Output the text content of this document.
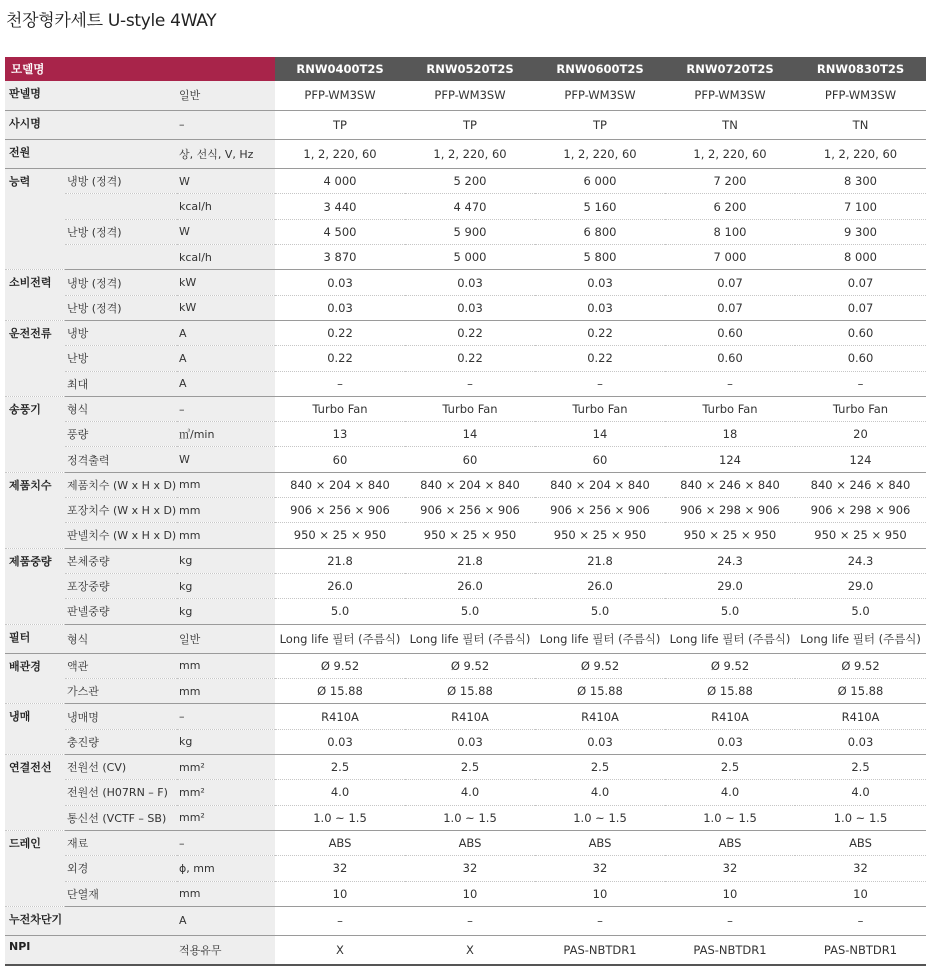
천장형카세트 U-style 4WAY
모델명			RNW0400T2S	RNW0520T2S	RNW0600T2S	RNW0720T2S	RNW0830T2S
판넬명		일반	PFP-WM3SW	PFP-WM3SW	PFP-WM3SW	PFP-WM3SW	PFP-WM3SW
사시명		–	TP	TP	TP	TN	TN
전원		상, 선식, V, Hz	1, 2, 220, 60	1, 2, 220, 60	1, 2, 220, 60	1, 2, 220, 60	1, 2, 220, 60
능력	냉방 (정격)	W	4 000	5 200	6 000	7 200	8 300
		kcal/h	3 440	4 470	5 160	6 200	7 100
	난방 (정격)	W	4 500	5 900	6 800	8 100	9 300
		kcal/h	3 870	5 000	5 800	7 000	8 000
소비전력	냉방 (정격)	kW	0.03	0.03	0.03	0.07	0.07
	난방 (정격)	kW	0.03	0.03	0.03	0.07	0.07
운전전류	냉방	A	0.22	0.22	0.22	0.60	0.60
	난방	A	0.22	0.22	0.22	0.60	0.60
	최대	A	–	–	–	–	–
송풍기	형식	–	Turbo Fan	Turbo Fan	Turbo Fan	Turbo Fan	Turbo Fan
	풍량	㎥/min	13	14	14	18	20
	정격출력	W	60	60	60	124	124
제품치수	제품치수 (W x H x D)	mm	840 × 204 × 840	840 × 204 × 840	840 × 204 × 840	840 × 246 × 840	840 × 246 × 840
	포장치수 (W x H x D)	mm	906 × 256 × 906	906 × 256 × 906	906 × 256 × 906	906 × 298 × 906	906 × 298 × 906
	판넬치수 (W x H x D)	mm	950 × 25 × 950	950 × 25 × 950	950 × 25 × 950	950 × 25 × 950	950 × 25 × 950
제품중량	본체중량	kg	21.8	21.8	21.8	24.3	24.3
	포장중량	kg	26.0	26.0	26.0	29.0	29.0
	판넬중량	kg	5.0	5.0	5.0	5.0	5.0
필터	형식	일반	Long life 필터 (주름식)	Long life 필터 (주름식)	Long life 필터 (주름식)	Long life 필터 (주름식)	Long life 필터 (주름식)
배관경	액관	mm	Ø 9.52	Ø 9.52	Ø 9.52	Ø 9.52	Ø 9.52
	가스관	mm	Ø 15.88	Ø 15.88	Ø 15.88	Ø 15.88	Ø 15.88
냉매	냉매명	–	R410A	R410A	R410A	R410A	R410A
	충진량	kg	0.03	0.03	0.03	0.03	0.03
연결전선	전원선 (CV)	mm²	2.5	2.5	2.5	2.5	2.5
	전원선 (H07RN – F)	mm²	4.0	4.0	4.0	4.0	4.0
	통신선 (VCTF – SB)	mm²	1.0 ~ 1.5	1.0 ~ 1.5	1.0 ~ 1.5	1.0 ~ 1.5	1.0 ~ 1.5
드레인	재료	–	ABS	ABS	ABS	ABS	ABS
	외경	ɸ, mm	32	32	32	32	32
	단열재	mm	10	10	10	10	10
누전차단기		A	–	–	–	–	–
NPI		적용유무	X	X	PAS-NBTDR1	PAS-NBTDR1	PAS-NBTDR1
